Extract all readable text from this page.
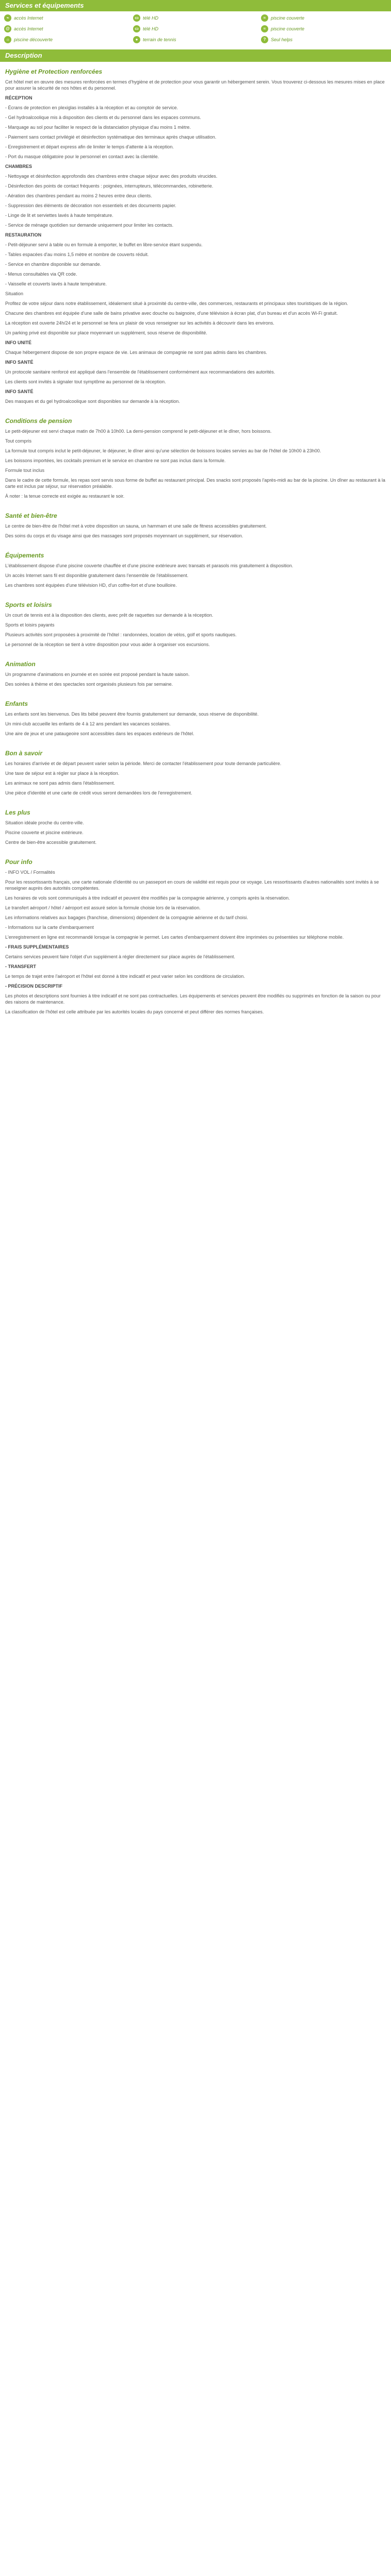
Services et équipements
⌁	accès Internet	▭ télé HD	≈	piscine couverte
@ accès Internet	▭ télé HD	≈	piscine couverte
☼ piscine découverte	●	terrain de tennis	?	Seul helps
Description
Hygiène et Protection renforcées

Cet hôtel met en œuvre des mesures renforcées en termes d'hygiène et de protection pour vous garantir un hébergement serein. Vous trouverez ci-dessous les mesures mises en place pour assurer la sécurité de nos hôtes et du personnel.

RÉCEPTION

- Écrans de protection en plexiglas installés à la réception et au comptoir de service.

- Gel hydroalcoolique mis à disposition des clients et du personnel dans les espaces communs.

- Marquage au sol pour faciliter le respect de la distanciation physique d'au moins 1 mètre.

- Paiement sans contact privilégié et désinfection systématique des terminaux après chaque utilisation.

- Enregistrement et départ express afin de limiter le temps d'attente à la réception.

- Port du masque obligatoire pour le personnel en contact avec la clientèle.

CHAMBRES

- Nettoyage et désinfection approfondis des chambres entre chaque séjour avec des produits virucides.

- Désinfection des points de contact fréquents : poignées, interrupteurs, télécommandes, robinetterie.

- Aération des chambres pendant au moins 2 heures entre deux clients.

- Suppression des éléments de décoration non essentiels et des documents papier.

- Linge de lit et serviettes lavés à haute température.

- Service de ménage quotidien sur demande uniquement pour limiter les contacts.

RESTAURATION

- Petit-déjeuner servi à table ou en formule à emporter, le buffet en libre-service étant suspendu.

- Tables espacées d'au moins 1,5 mètre et nombre de couverts réduit.

- Service en chambre disponible sur demande.

- Menus consultables via QR code.

- Vaisselle et couverts lavés à haute température.

Situation

Profitez de votre séjour dans notre établissement, idéalement situé à proximité du centre-ville, des commerces, restaurants et principaux sites touristiques de la région.

Chacune des chambres est équipée d'une salle de bains privative avec douche ou baignoire, d'une télévision à écran plat, d'un bureau et d'un accès Wi-Fi gratuit.

La réception est ouverte 24h/24 et le personnel se fera un plaisir de vous renseigner sur les activités à découvrir dans les environs.

Un parking privé est disponible sur place moyennant un supplément, sous réserve de disponibilité.

INFO UNITÉ

Chaque hébergement dispose de son propre espace de vie. Les animaux de compagnie ne sont pas admis dans les chambres.

INFO SANTÉ

Un protocole sanitaire renforcé est appliqué dans l'ensemble de l'établissement conformément aux recommandations des autorités.

Les clients sont invités à signaler tout symptôme au personnel de la réception.

INFO SANTÉ

Des masques et du gel hydroalcoolique sont disponibles sur demande à la réception.

Conditions de pension

Le petit-déjeuner est servi chaque matin de 7h00 à 10h00. La demi-pension comprend le petit-déjeuner et le dîner, hors boissons.

Tout compris

La formule tout compris inclut le petit-déjeuner, le déjeuner, le dîner ainsi qu'une sélection de boissons locales servies au bar de l'hôtel de 10h00 à 23h00.

Les boissons importées, les cocktails premium et le service en chambre ne sont pas inclus dans la formule.

Formule tout inclus

Dans le cadre de cette formule, les repas sont servis sous forme de buffet au restaurant principal. Des snacks sont proposés l'après-midi au bar de la piscine. Un dîner au restaurant à la carte est inclus par séjour, sur réservation préalable.

À noter : la tenue correcte est exigée au restaurant le soir.

Santé et bien-être

Le centre de bien-être de l'hôtel met à votre disposition un sauna, un hammam et une salle de fitness accessibles gratuitement.

Des soins du corps et du visage ainsi que des massages sont proposés moyennant un supplément, sur réservation.

Équipements

L'établissement dispose d'une piscine couverte chauffée et d'une piscine extérieure avec transats et parasols mis gratuitement à disposition.

Un accès Internet sans fil est disponible gratuitement dans l'ensemble de l'établissement.

Les chambres sont équipées d'une télévision HD, d'un coffre-fort et d'une bouilloire.

Sports et loisirs

Un court de tennis est à la disposition des clients, avec prêt de raquettes sur demande à la réception.

Sports et loisirs payants

Plusieurs activités sont proposées à proximité de l'hôtel : randonnées, location de vélos, golf et sports nautiques.

Le personnel de la réception se tient à votre disposition pour vous aider à organiser vos excursions.

Animation

Un programme d'animations en journée et en soirée est proposé pendant la haute saison.

Des soirées à thème et des spectacles sont organisés plusieurs fois par semaine.

Enfants

Les enfants sont les bienvenus. Des lits bébé peuvent être fournis gratuitement sur demande, sous réserve de disponibilité.

Un mini-club accueille les enfants de 4 à 12 ans pendant les vacances scolaires.

Une aire de jeux et une pataugeoire sont accessibles dans les espaces extérieurs de l'hôtel.

Bon à savoir

Les horaires d'arrivée et de départ peuvent varier selon la période. Merci de contacter l'établissement pour toute demande particulière.

Une taxe de séjour est à régler sur place à la réception.

Les animaux ne sont pas admis dans l'établissement.

Une pièce d'identité et une carte de crédit vous seront demandées lors de l'enregistrement.

Les plus

Situation idéale proche du centre-ville.

Piscine couverte et piscine extérieure.

Centre de bien-être accessible gratuitement.

Pour info

- INFO VOL / Formalités

Pour les ressortissants français, une carte nationale d'identité ou un passeport en cours de validité est requis pour ce voyage. Les ressortissants d'autres nationalités sont invités à se renseigner auprès des autorités compétentes.

Les horaires de vols sont communiqués à titre indicatif et peuvent être modifiés par la compagnie aérienne, y compris après la réservation.

Le transfert aéroport / hôtel / aéroport est assuré selon la formule choisie lors de la réservation.

Les informations relatives aux bagages (franchise, dimensions) dépendent de la compagnie aérienne et du tarif choisi.

- Informations sur la carte d'embarquement

L'enregistrement en ligne est recommandé lorsque la compagnie le permet. Les cartes d'embarquement doivent être imprimées ou présentées sur téléphone mobile.

- FRAIS SUPPLÉMENTAIRES

Certains services peuvent faire l'objet d'un supplément à régler directement sur place auprès de l'établissement.

- TRANSFERT

Le temps de trajet entre l'aéroport et l'hôtel est donné à titre indicatif et peut varier selon les conditions de circulation.

- PRÉCISION DESCRIPTIF

Les photos et descriptions sont fournies à titre indicatif et ne sont pas contractuelles. Les équipements et services peuvent être modifiés ou supprimés en fonction de la saison ou pour des raisons de maintenance.

La classification de l'hôtel est celle attribuée par les autorités locales du pays concerné et peut différer des normes françaises.
